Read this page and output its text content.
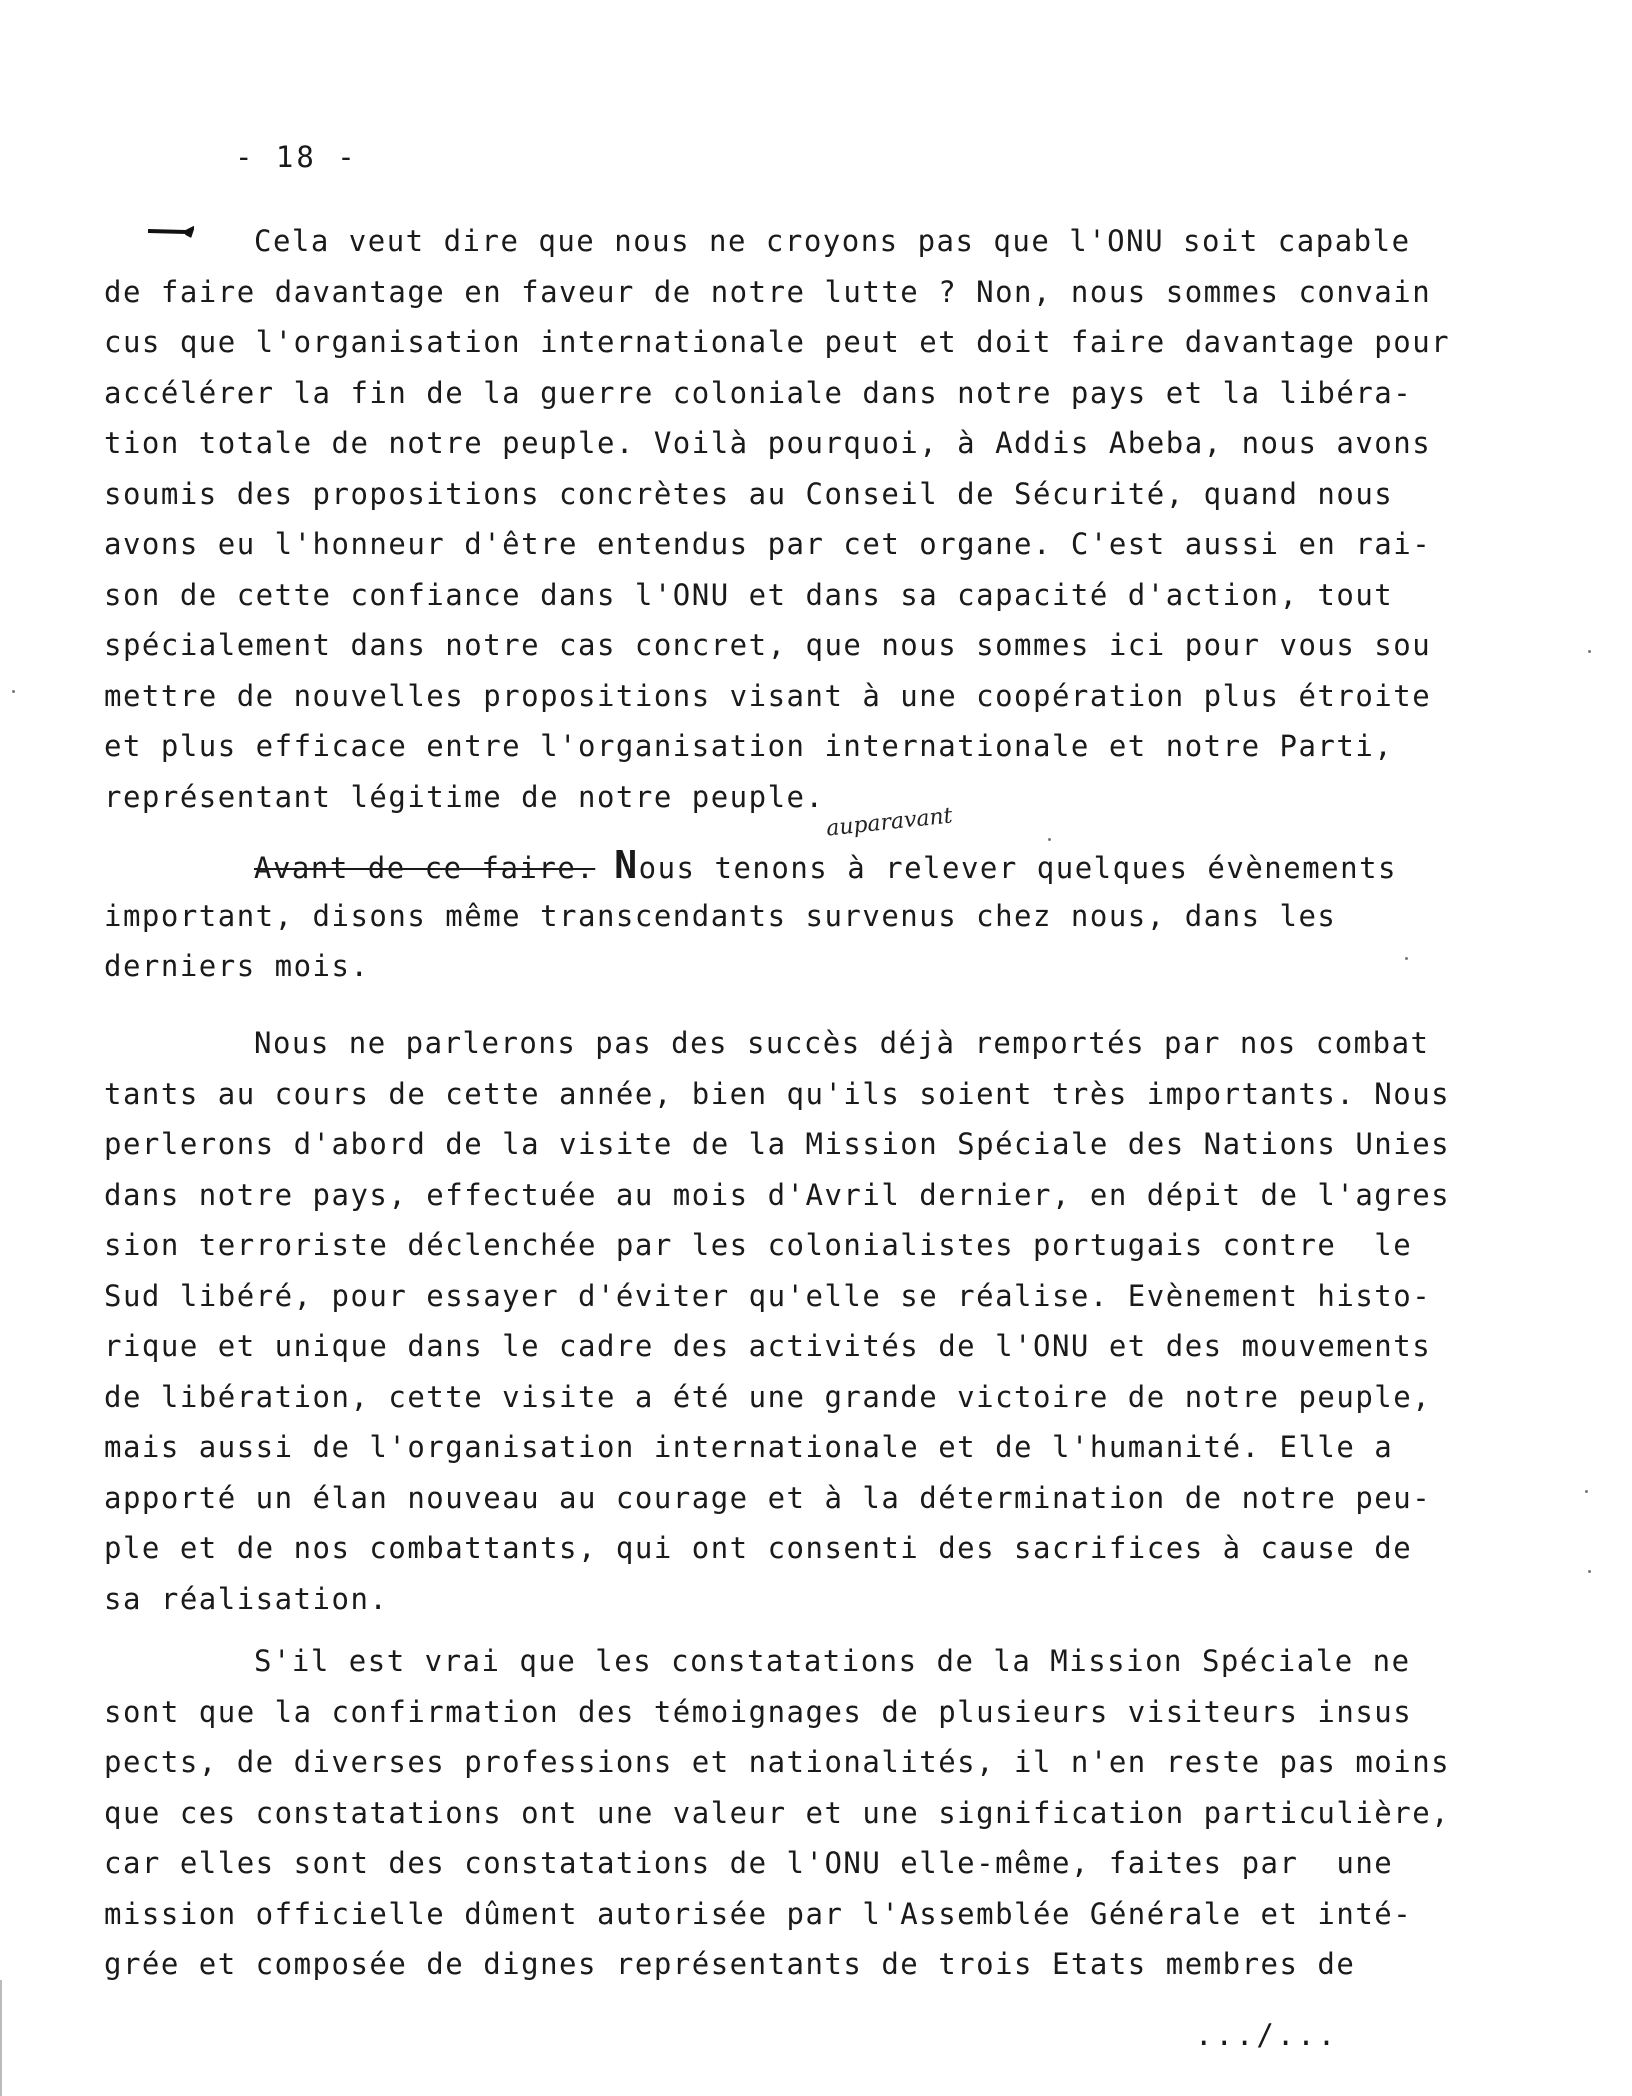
- 18 -
Cela veut dire que nous ne croyons pas que l'ONU soit capable
de faire davantage en faveur de notre lutte ? Non, nous sommes convain
cus que l'organisation internationale peut et doit faire davantage pour
accélérer la fin de la guerre coloniale dans notre pays et la libéra-
tion totale de notre peuple. Voilà pourquoi, à Addis Abeba, nous avons
soumis des propositions concrètes au Conseil de Sécurité, quand nous
avons eu l'honneur d'être entendus par cet organe. C'est aussi en rai-
son de cette confiance dans l'ONU et dans sa capacité d'action, tout
spécialement dans notre cas concret, que nous sommes ici pour vous sou
mettre de nouvelles propositions visant à une coopération plus étroite
et plus efficace entre l'organisation internationale et notre Parti,
représentant légitime de notre peuple.
auparavant
Avant de ce faire. Nous tenons à relever quelques évènements
important, disons même transcendants survenus chez nous, dans les
derniers mois.
Nous ne parlerons pas des succès déjà remportés par nos combat
tants au cours de cette année, bien qu'ils soient très importants. Nous
perlerons d'abord de la visite de la Mission Spéciale des Nations Unies
dans notre pays, effectuée au mois d'Avril dernier, en dépit de l'agres
sion terroriste déclenchée par les colonialistes portugais contre  le
Sud libéré, pour essayer d'éviter qu'elle se réalise. Evènement histo-
rique et unique dans le cadre des activités de l'ONU et des mouvements
de libération, cette visite a été une grande victoire de notre peuple,
mais aussi de l'organisation internationale et de l'humanité. Elle a
apporté un élan nouveau au courage et à la détermination de notre peu-
ple et de nos combattants, qui ont consenti des sacrifices à cause de
sa réalisation.
S'il est vrai que les constatations de la Mission Spéciale ne
sont que la confirmation des témoignages de plusieurs visiteurs insus
pects, de diverses professions et nationalités, il n'en reste pas moins
que ces constatations ont une valeur et une signification particulière,
car elles sont des constatations de l'ONU elle-même, faites par  une
mission officielle dûment autorisée par l'Assemblée Générale et inté-
grée et composée de dignes représentants de trois Etats membres de
.../...
